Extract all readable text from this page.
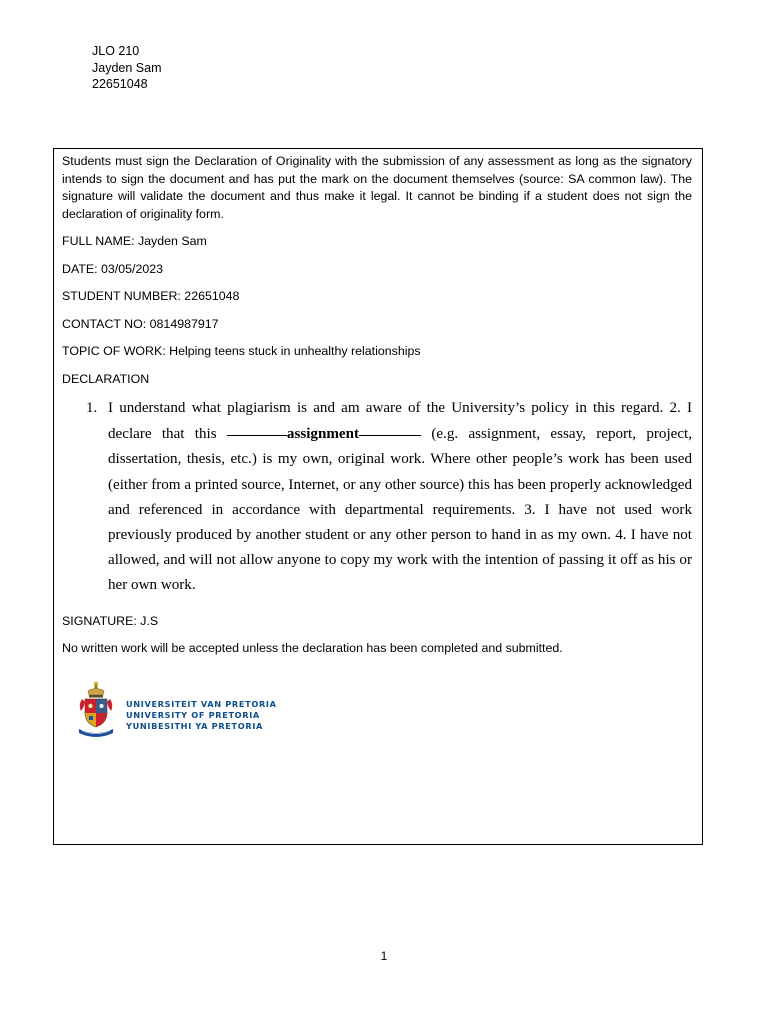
JLO 210
Jayden Sam
22651048

Students must sign the Declaration of Originality with the submission of any assessment as long as the signatory intends to sign the document and has put the mark on the document themselves (source: SA common law). The signature will validate the document and thus make it legal. It cannot be binding if a student does not sign the declaration of originality form.

FULL NAME: Jayden Sam

DATE: 03/05/2023

STUDENT NUMBER: 22651048

CONTACT NO: 0814987917

TOPIC OF WORK: Helping teens stuck in unhealthy relationships

DECLARATION

1. I understand what plagiarism is and am aware of the University’s policy in this regard. 2. I declare that this	assignment	(e.g. assignment, essay, report, project, dissertation, thesis, etc.) is my own, original work. Where other people’s work has been used (either from a printed source, Internet, or any other source) this has been properly acknowledged and referenced in accordance with departmental requirements. 3. I have not used work previously produced by another student or any other person to hand in as my own. 4. I have not allowed, and will not allow anyone to copy my work with the intention of passing it off as his or her own work.

SIGNATURE: J.S

No written work will be accepted unless the declaration has been completed and submitted.

UNIVERSITEIT VAN PRETORIA
UNIVERSITY OF PRETORIA
YUNIBESITHI YA PRETORIA
1
